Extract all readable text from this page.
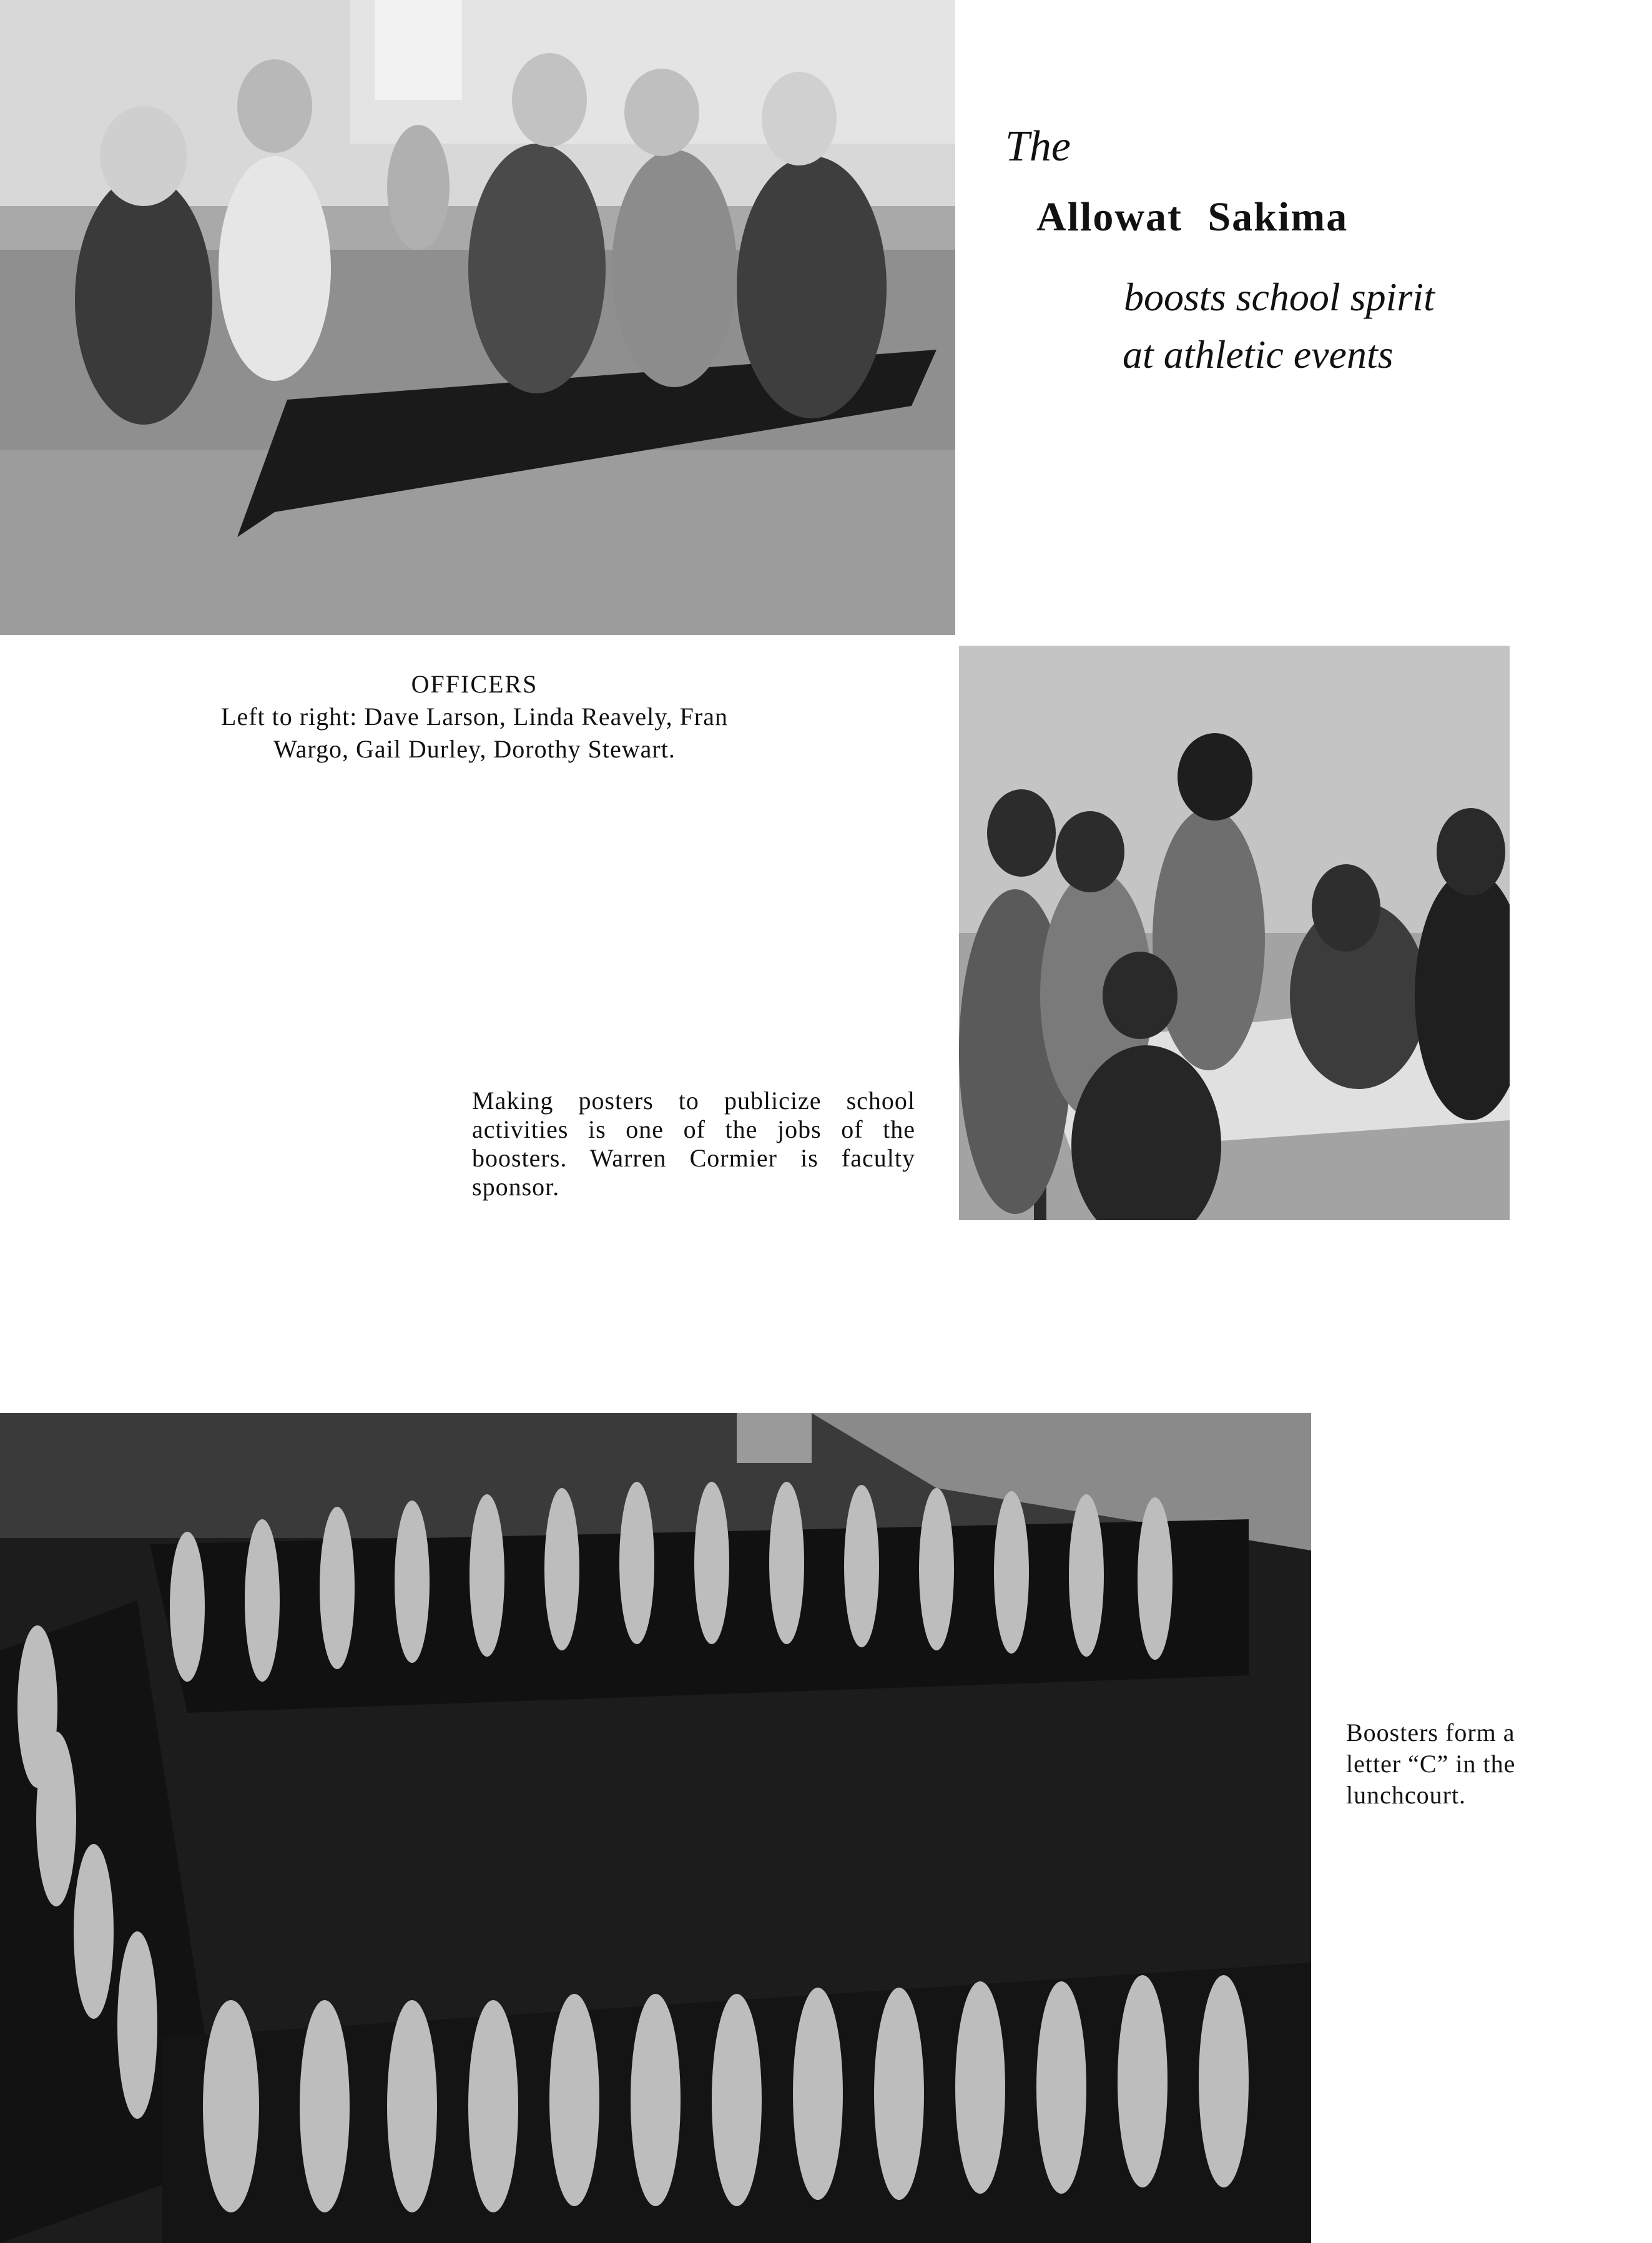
The
Allowat Sakima
boosts school spirit
at athletic events
OFFICERS
Left to right: Dave Larson, Linda Reavely, Fran Wargo, Gail Durley, Dorothy Stewart.
Making posters to publicize school activities is one of the jobs of the boosters. Warren Cormier is faculty sponsor.
Boosters form a letter “C” in the lunchcourt.
